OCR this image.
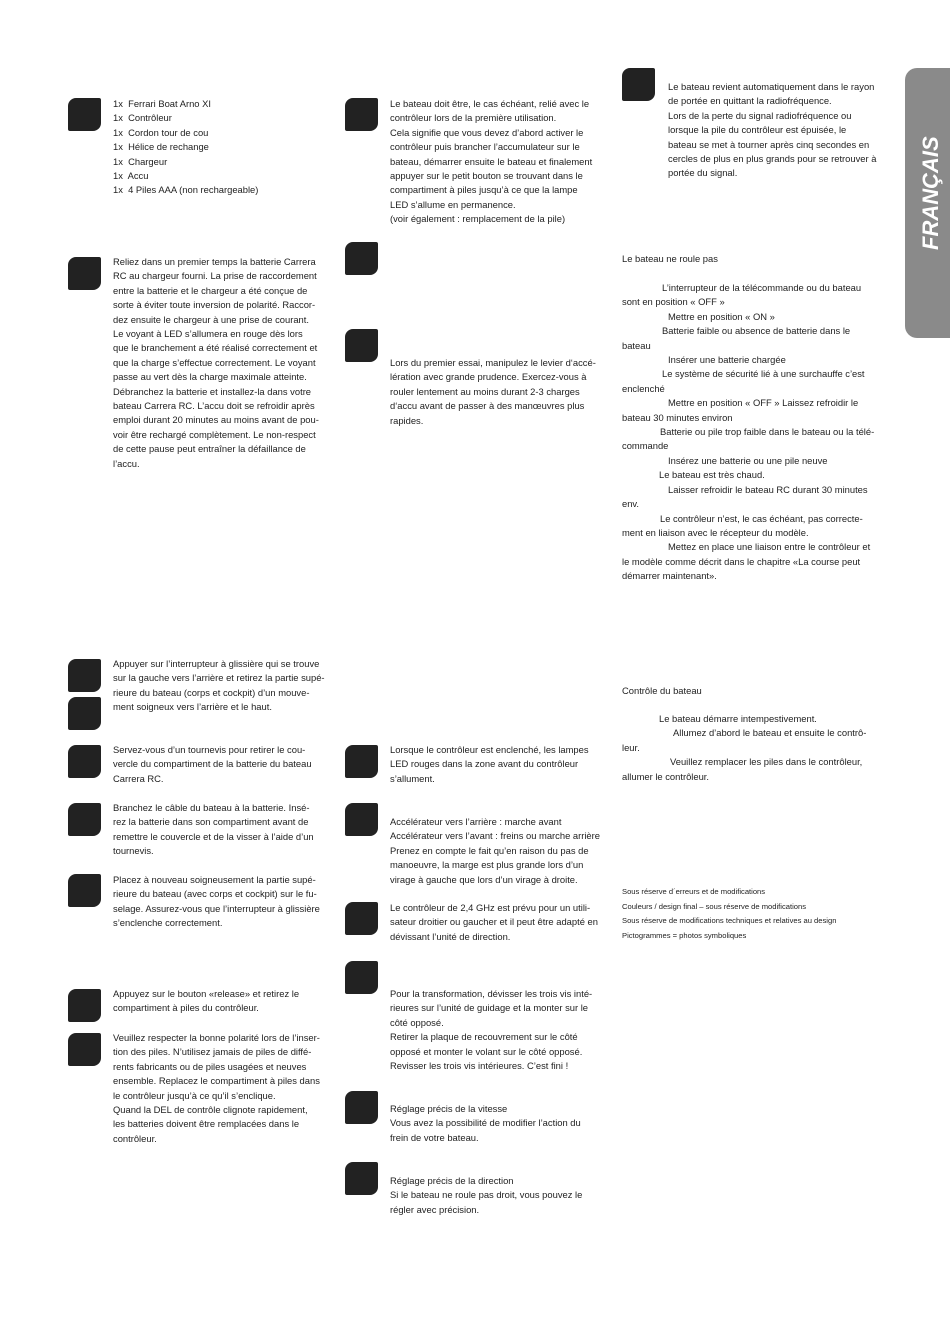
FRANÇAIS
1x  Ferrari Boat Arno XI
1x  Contrôleur
1x  Cordon tour de cou
1x  Hélice de rechange
1x  Chargeur
1x  Accu
1x  4 Piles AAA (non rechargeable)
Reliez dans un premier temps la batterie Carrera
RC au chargeur fourni. La prise de raccordement
entre la batterie et le chargeur a été conçue de
sorte à éviter toute inversion de polarité. Raccor-
dez ensuite le chargeur à une prise de courant.
Le voyant à LED s’allumera en rouge dès lors
que le branchement a été réalisé correctement et
que la charge s’effectue correctement. Le voyant
passe au vert dès la charge maximale atteinte.
Débranchez la batterie et installez-la dans votre
bateau Carrera RC. L’accu doit se refroidir après
emploi durant 20 minutes au moins avant de pou-
voir être rechargé complètement. Le non-respect
de cette pause peut entraîner la défaillance de
l’accu.
Appuyer sur l’interrupteur à glissière qui se trouve
sur la gauche vers l’arrière et retirez la partie supé-
rieure du bateau (corps et cockpit) d’un mouve-
ment soigneux vers l’arrière et le haut.
Servez-vous d’un tournevis pour retirer le cou-
vercle du compartiment de la batterie du bateau
Carrera RC.
Branchez le câble du bateau à la batterie. Insé-
rez la batterie dans son compartiment avant de
remettre le couvercle et de la visser à l’aide d’un
tournevis.
Placez à nouveau soigneusement la partie supé-
rieure du bateau (avec corps et cockpit) sur le fu-
selage. Assurez-vous que l’interrupteur à glissière
s’enclenche correctement.
Appuyez sur le bouton «release» et retirez le
compartiment à piles du contrôleur.
Veuillez respecter la bonne polarité lors de l’inser-
tion des piles. N’utilisez jamais de piles de diffé-
rents fabricants ou de piles usagées et neuves
ensemble. Replacez le compartiment à piles dans
le contrôleur jusqu’à ce qu’il s’enclique.
Quand la DEL de contrôle clignote rapidement,
les batteries doivent être remplacées dans le
contrôleur.
Le bateau doit être, le cas échéant, relié avec le
contrôleur lors de la première utilisation.
Cela signifie que vous devez d’abord activer le
contrôleur puis brancher l’accumulateur sur le
bateau, démarrer ensuite le bateau et finalement
appuyer sur le petit bouton se trouvant dans le
compartiment à piles jusqu’à ce que la lampe
LED s’allume en permanence.
(voir également : remplacement de la pile)
Lors du premier essai, manipulez le levier d‘accé-
lération avec grande prudence. Exercez-vous à
rouler lentement au moins durant 2-3 charges
d‘accu avant de passer à des manœuvres plus
rapides.
Lorsque le contrôleur est enclenché, les lampes
LED rouges dans la zone avant du contrôleur
s’allument.
Accélérateur vers l’arrière : marche avant
Accélérateur vers l’avant : freins ou marche arrière
Prenez en compte le fait qu’en raison du pas de
manoeuvre, la marge est plus grande lors d’un
virage à gauche que lors d’un virage à droite.
Le contrôleur de 2,4 GHz est prévu pour un utili-
sateur droitier ou gaucher et il peut être adapté en
dévissant l’unité de direction.
Pour la transformation, dévisser les trois vis inté-
rieures sur l’unité de guidage et la monter sur le
côté opposé.
Retirer la plaque de recouvrement sur le côté
opposé et monter le volant sur le côté opposé.
Revisser les trois vis intérieures. C’est fini !
Réglage précis de la vitesse
Vous avez la possibilité de modifier l’action du
frein de votre bateau.
Réglage précis de la direction
Si le bateau ne roule pas droit, vous pouvez le
régler avec précision.
Le bateau revient automatiquement dans le rayon
de portée en quittant la radiofréquence.
Lors de la perte du signal radiofréquence ou
lorsque la pile du contrôleur est épuisée, le
bateau se met à tourner après cinq secondes en
cercles de plus en plus grands pour se retrouver à
portée du signal.
Le bateau ne roule pas
L’interrupteur de la télécommande ou du bateau
sont en position « OFF »
Mettre en position « ON »
Batterie faible ou absence de batterie dans le
bateau
Insérer une batterie chargée
Le système de sécurité lié à une surchauffe c’est
enclenché
Mettre en position « OFF » Laissez refroidir le
bateau 30 minutes environ
Batterie ou pile trop faible dans le bateau ou la télé-
commande
Insérez une batterie ou une pile neuve
Le bateau est très chaud.
Laisser refroidir le bateau RC durant 30 minutes
env.
Le contrôleur n’est, le cas échéant, pas correcte-
ment en liaison avec le récepteur du modèle.
Mettez en place une liaison entre le contrôleur et
le modèle comme décrit dans le chapitre «La course peut
démarrer maintenant».
Contrôle du bateau
Le bateau démarre intempestivement.
Allumez d’abord le bateau et ensuite le contrô-
leur.
Veuillez remplacer les piles dans le contrôleur,
allumer le contrôleur.
Sous réserve d´erreurs et de modifications
Couleurs / design final – sous réserve de modifications
Sous réserve de modifications techniques et relatives au design
Pictogrammes = photos symboliques
